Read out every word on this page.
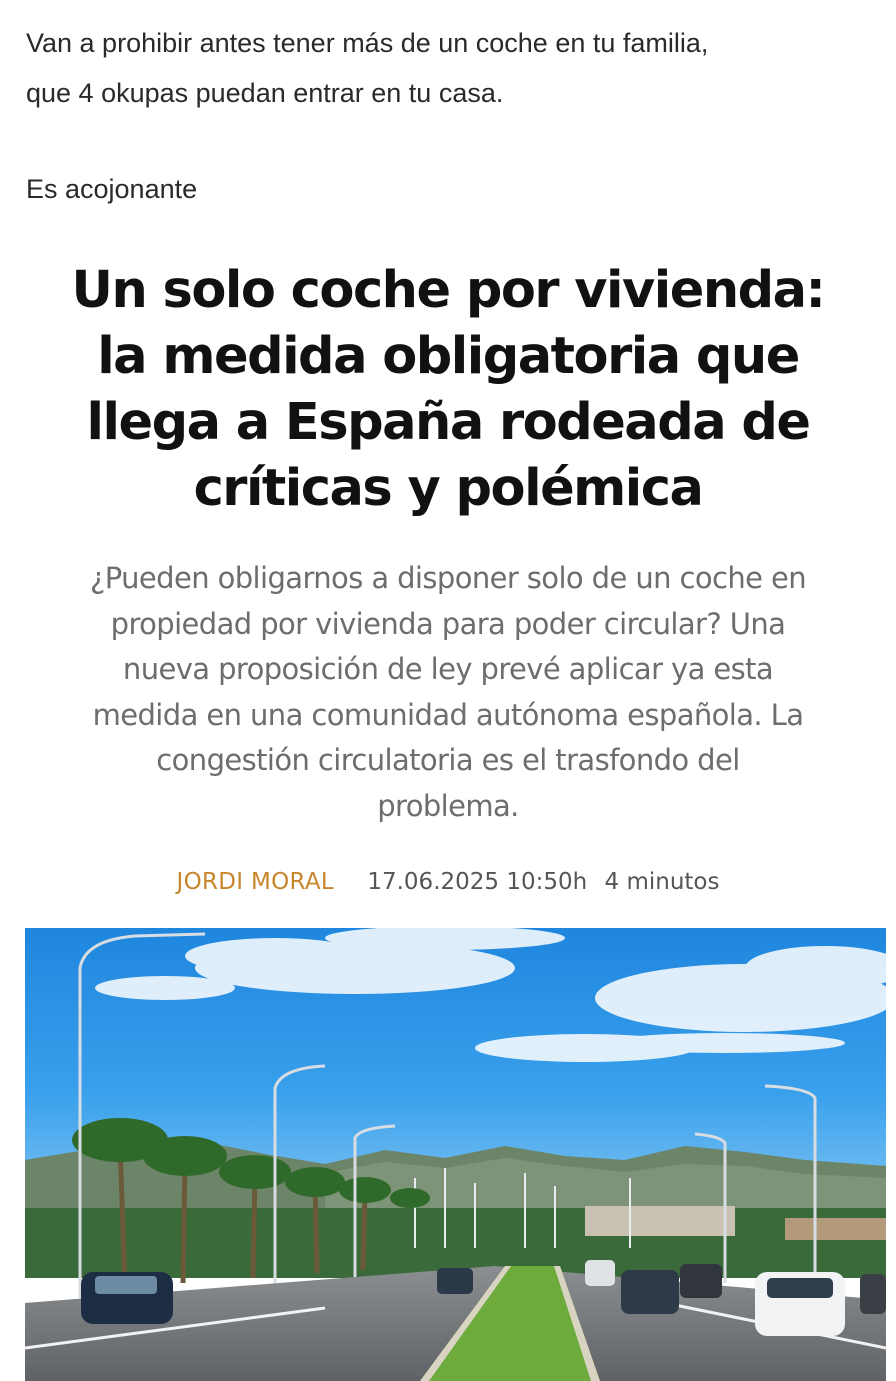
Van a prohibir antes tener más de un coche en tu familia,

que 4 okupas puedan entrar en tu casa.

Es acojonante

Un solo coche por vivienda:
la medida obligatoria que
llega a España rodeada de
críticas y polémica
¿Pueden obligarnos a disponer solo de un coche en
propiedad por vivienda para poder circular? Una
nueva proposición de ley prevé aplicar ya esta
medida en una comunidad autónoma española. La
congestión circulatoria es el trasfondo del
problema.
JORDI MORAL 17.06.2025 10:50h 4 minutos
